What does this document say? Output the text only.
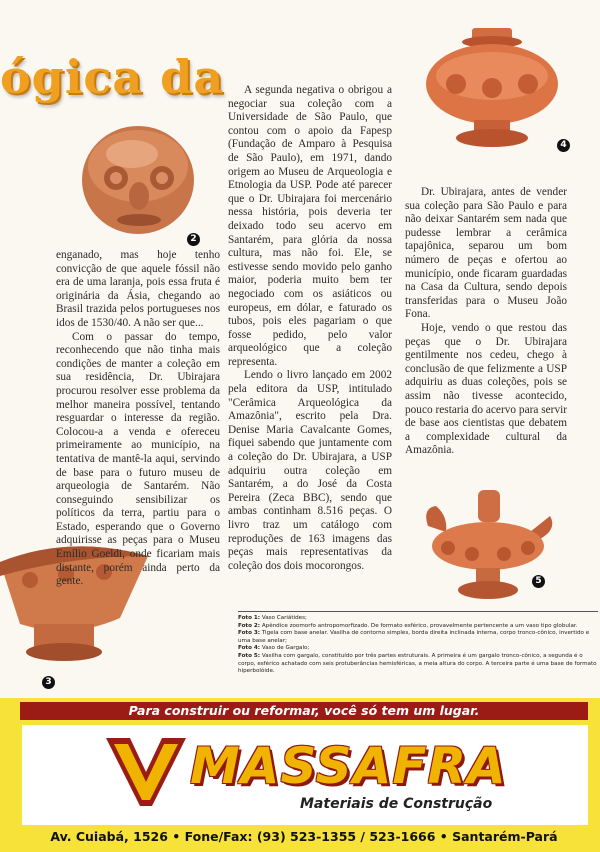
ógica da
2
4
3
5

enganado, mas hoje tenho convicção de que aquele fóssil não era de uma laranja, pois essa fruta é originária da Ásia, chegando ao Brasil trazida pelos portugueses nos idos de 1530/40. A não ser que...

Com o passar do tempo, reconhecendo que não tinha mais condições de manter a coleção em sua residência, Dr. Ubirajara procurou resolver esse problema da melhor maneira possível, tentando resguardar o interesse da região. Colocou-a a venda e ofereceu primeiramente ao município, na tentativa de mantê-la aqui, servindo de base para o futuro museu de arqueologia de Santarém. Não conseguindo sensibilizar os políticos da terra, partiu para o Estado, esperando que o Governo adquirisse as peças para o Museu Emílio Goeldi, onde ficariam mais distante, porém ainda perto da gente.

A segunda negativa o obrigou a negociar sua coleção com a Universidade de São Paulo, que contou com o apoio da Fapesp (Fundação de Amparo à Pesquisa de São Paulo), em 1971, dando origem ao Museu de Arqueologia e Etnologia da USP. Pode até parecer que o Dr. Ubirajara foi mercenário nessa história, pois deveria ter deixado todo seu acervo em Santarém, para glória da nossa cultura, mas não foi. Ele, se estivesse sendo movido pelo ganho maior, poderia muito bem ter negociado com os asiáticos ou europeus, em dólar, e faturado os tubos, pois eles pagariam o que fosse pedido, pelo valor arqueológico que a coleção representa.

Lendo o livro lançado em 2002 pela editora da USP, intitulado "Cerâmica Arqueológica da Amazônia", escrito pela Dra. Denise Maria Cavalcante Gomes, fiquei sabendo que juntamente com a coleção do Dr. Ubirajara, a USP adquiriu outra coleção em Santarém, a do José da Costa Pereira (Zeca BBC), sendo que ambas continham 8.516 peças. O livro traz um catálogo com reproduções de 163 imagens das peças mais representativas da coleção dos dois mocorongos.

Dr. Ubirajara, antes de vender sua coleção para São Paulo e para não deixar Santarém sem nada que pudesse lembrar a cerâmica tapajônica, separou um bom número de peças e ofertou ao município, onde ficaram guardadas na Casa da Cultura, sendo depois transferidas para o Museu João Fona.

Hoje, vendo o que restou das peças que o Dr. Ubirajara gentilmente nos cedeu, chego à conclusão de que felizmente a USP adquiriu as duas coleções, pois se assim não tivesse acontecido, pouco restaria do acervo para servir de base aos cientistas que debatem a complexidade cultural da Amazônia.

Foto 1: Vaso Cariátides;
Foto 2: Apêndice zoomorfo antropomorfizado. De formato esférico, provavelmente pertencente a um vaso tipo globular.
Foto 3: Tigela com base anelar. Vasilha de contorno simples, borda direita inclinada interna, corpo tronco-cônico, invertido e uma base anelar;
Foto 4: Vaso de Gargalo;
Foto 5: Vasilha com gargalo, constituído por três partes estruturais. A primeira é um gargalo tronco-cônico, a segunda é o corpo, esférico achatado com seis protuberâncias hemisféricas, a meia altura do corpo. A terceira parte é uma base de formato hiperbolóide.
Para construir ou reformar, você só tem um lugar.
MASSAFRA
Materiais de Construção
Av. Cuiabá, 1526 • Fone/Fax: (93) 523-1355 / 523-1666 • Santarém-Pará
